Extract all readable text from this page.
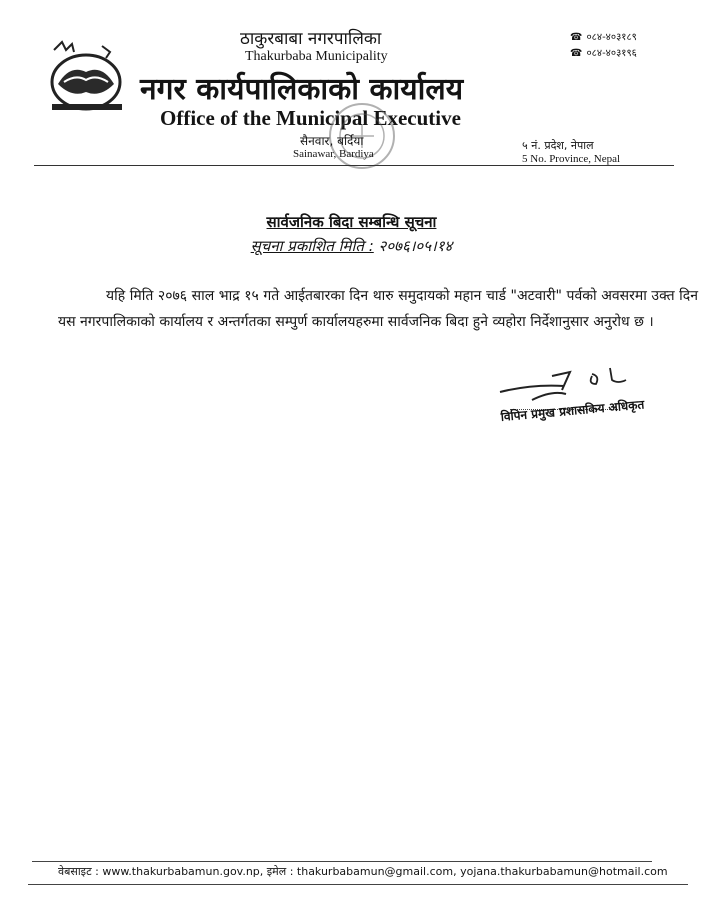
ठाकुरबाबा नगरपालिका
Thakurbaba Municipality
नगर कार्यपालिकाको कार्यालय
Office of the Municipal Executive
☎ ०८४-४०३१८९
☎ ०८४-४०३१९६
सैनवार, बर्दिया
Sainawar, Bardiya
५ नं. प्रदेश, नेपाल
5 No. Province, Nepal
सार्वजनिक बिदा सम्बन्धि सूचना
सूचना प्रकाशित मिति : २०७६।०५।१४
यहि मिति २०७६ साल भाद्र १५ गते आईतबारका दिन थारु समुदायको महान चार्ड "अटवारी" पर्वको अवसरमा उक्त दिन यस नगरपालिकाको कार्यालय र अन्तर्गतका सम्पुर्ण कार्यालयहरुमा सार्वजनिक बिदा हुने व्यहोरा निर्देशानुसार अनुरोध छ ।
विपिन प्रमुख प्रशासकिय अधिकृत
वेबसाइट : www.thakurbabamun.gov.np, इमेल : thakurbabamun@gmail.com, yojana.thakurbabamun@hotmail.com
